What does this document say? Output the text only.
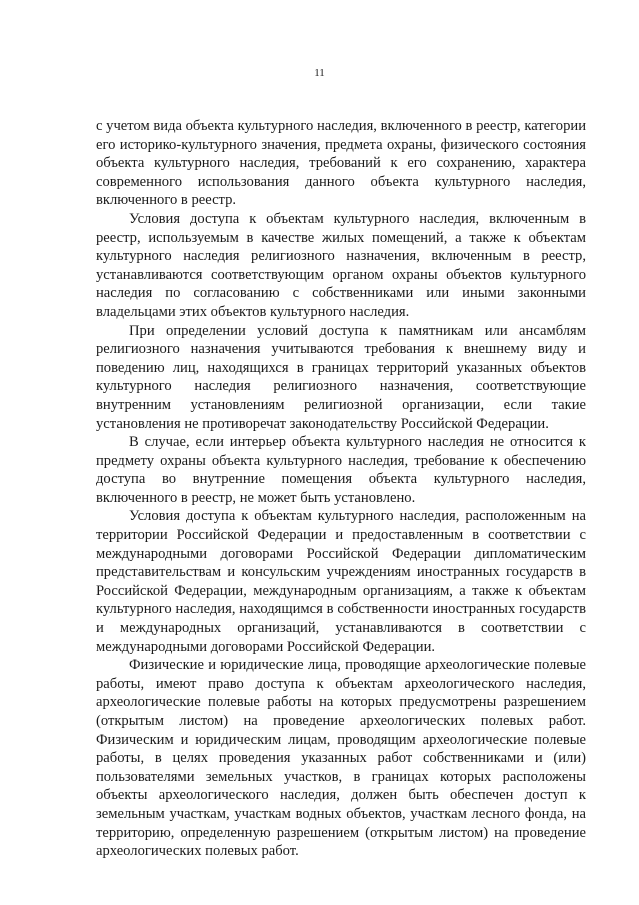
11

с учетом вида объекта культурного наследия, включенного в реестр, категории его историко-культурного значения, предмета охраны, физического состояния объекта культурного наследия, требований к его сохранению, характера современного использования данного объекта культурного наследия, включенного в реестр.

Условия доступа к объектам культурного наследия, включенным в реестр, используемым в качестве жилых помещений, а также к объектам культурного наследия религиозного назначения, включенным в реестр, устанавливаются соответствующим органом охраны объектов культурного наследия по согласованию с собственниками или иными законными владельцами этих объектов культурного наследия.

При определении условий доступа к памятникам или ансамблям религиозного назначения учитываются требования к внешнему виду и поведению лиц, находящихся в границах территорий указанных объектов культурного наследия религиозного назначения, соответствующие внутренним установлениям религиозной организации, если такие установления не противоречат законодательству Российской Федерации.

В случае, если интерьер объекта культурного наследия не относится к предмету охраны объекта культурного наследия, требование к обеспечению доступа во внутренние помещения объекта культурного наследия, включенного в реестр, не может быть установлено.

Условия доступа к объектам культурного наследия, расположенным на территории Российской Федерации и предоставленным в соответствии с международными договорами Российской Федерации дипломатическим представительствам и консульским учреждениям иностранных государств в Российской Федерации, международным организациям, а также к объектам культурного наследия, находящимся в собственности иностранных государств и международных организаций, устанавливаются в соответствии с международными договорами Российской Федерации.

Физические и юридические лица, проводящие археологические полевые работы, имеют право доступа к объектам археологического наследия, археологические полевые работы на которых предусмотрены разрешением (открытым листом) на проведение археологических полевых работ. Физическим и юридическим лицам, проводящим археологические полевые работы, в целях проведения указанных работ собственниками и (или) пользователями земельных участков, в границах которых расположены объекты археологического наследия, должен быть обеспечен доступ к земельным участкам, участкам водных объектов, участкам лесного фонда, на территорию, определенную разрешением (открытым листом) на проведение археологических полевых работ.
